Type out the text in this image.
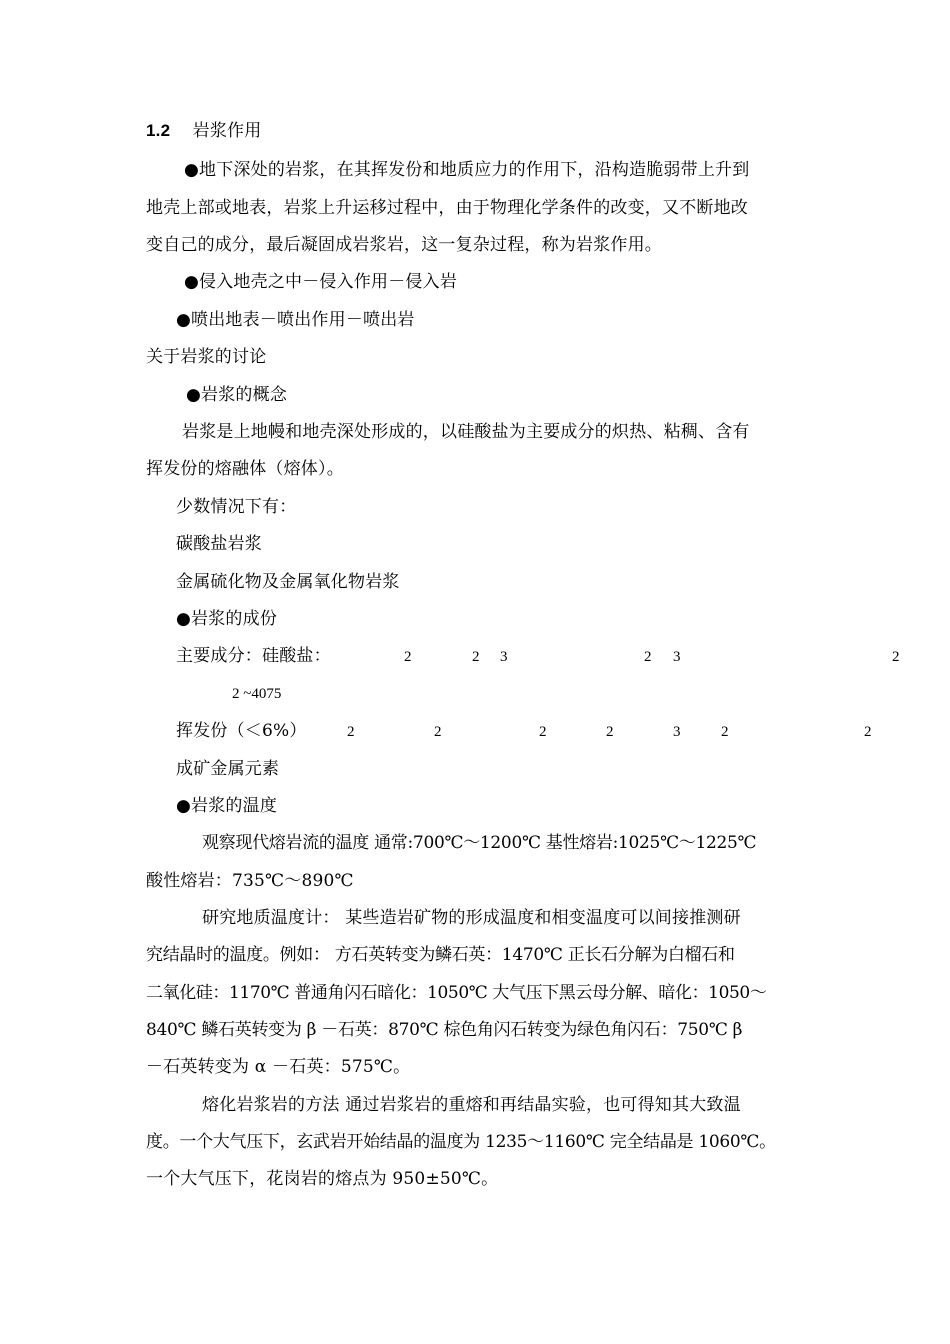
1.2 岩浆作用
●地下深处的岩浆，在其挥发份和地质应力的作用下，沿构造脆弱带上升到
地壳上部或地表，岩浆上升运移过程中，由于物理化学条件的改变，又不断地改
变自己的成分，最后凝固成岩浆岩，这一复杂过程，称为岩浆作用。
●侵入地壳之中－侵入作用－侵入岩
●喷出地表－喷出作用－喷出岩
关于岩浆的讨论
●岩浆的概念
岩浆是上地幔和地壳深处形成的，以硅酸盐为主要成分的炽热、粘稠、含有
挥发份的熔融体（熔体）。
少数情况下有：
碳酸盐岩浆
金属硫化物及金属氧化物岩浆
●岩浆的成份
主要成分：硅酸盐：	2	2 3	2 3	2
2 ~4075
挥发份（＜6%）	2	2	2	2	3	2	2
成矿金属元素
●岩浆的温度
观察现代熔岩流的温度 通常:700℃～1200℃ 基性熔岩:1025℃～1225℃
酸性熔岩：735℃～890℃
研究地质温度计： 某些造岩矿物的形成温度和相变温度可以间接推测研
究结晶时的温度。例如： 方石英转变为鳞石英：1470℃ 正长石分解为白榴石和
二氧化硅：1170℃ 普通角闪石暗化：1050℃ 大气压下黑云母分解、暗化：1050～
840℃ 鳞石英转变为 β －石英：870℃ 棕色角闪石转变为绿色角闪石：750℃ β
－石英转变为 α －石英：575℃。
熔化岩浆岩的方法 通过岩浆岩的重熔和再结晶实验，也可得知其大致温
度。一个大气压下，玄武岩开始结晶的温度为 1235～1160℃ 完全结晶是 1060℃。
一个大气压下，花岗岩的熔点为 950±50℃。
